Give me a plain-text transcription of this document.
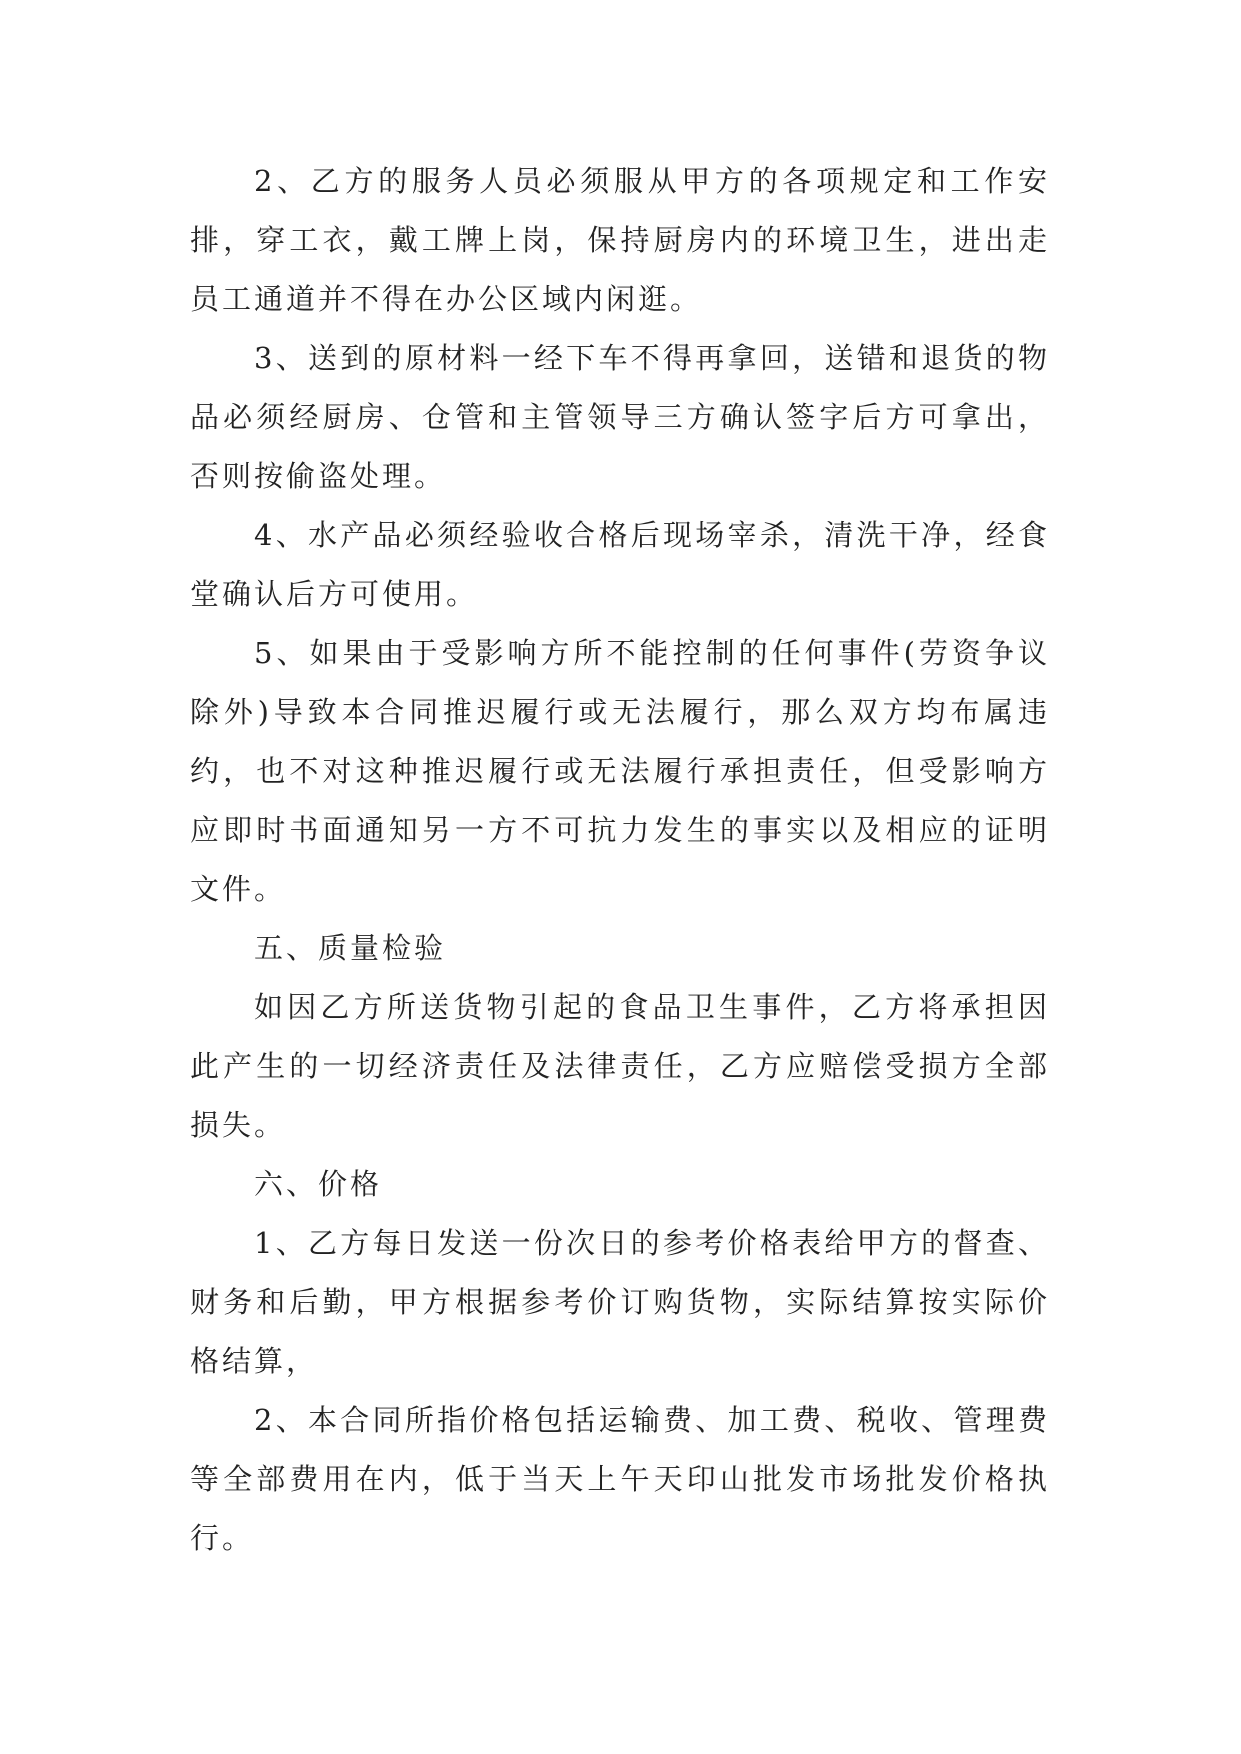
2、乙方的服务人员必须服从甲方的各项规定和工作安排，穿工衣，戴工牌上岗，保持厨房内的环境卫生，进出走员工通道并不得在办公区域内闲逛。

3、送到的原材料一经下车不得再拿回，送错和退货的物品必须经厨房、仓管和主管领导三方确认签字后方可拿出，否则按偷盗处理。

4、水产品必须经验收合格后现场宰杀，清洗干净，经食堂确认后方可使用。

5、如果由于受影响方所不能控制的任何事件(劳资争议除外)导致本合同推迟履行或无法履行，那么双方均布属违约，也不对这种推迟履行或无法履行承担责任，但受影响方应即时书面通知另一方不可抗力发生的事实以及相应的证明文件。

五、质量检验

如因乙方所送货物引起的食品卫生事件，乙方将承担因此产生的一切经济责任及法律责任，乙方应赔偿受损方全部损失。

六、价格

1、乙方每日发送一份次日的参考价格表给甲方的督查、财务和后勤，甲方根据参考价订购货物，实际结算按实际价格结算，

2、本合同所指价格包括运输费、加工费、税收、管理费等全部费用在内，低于当天上午天印山批发市场批发价格执行。
